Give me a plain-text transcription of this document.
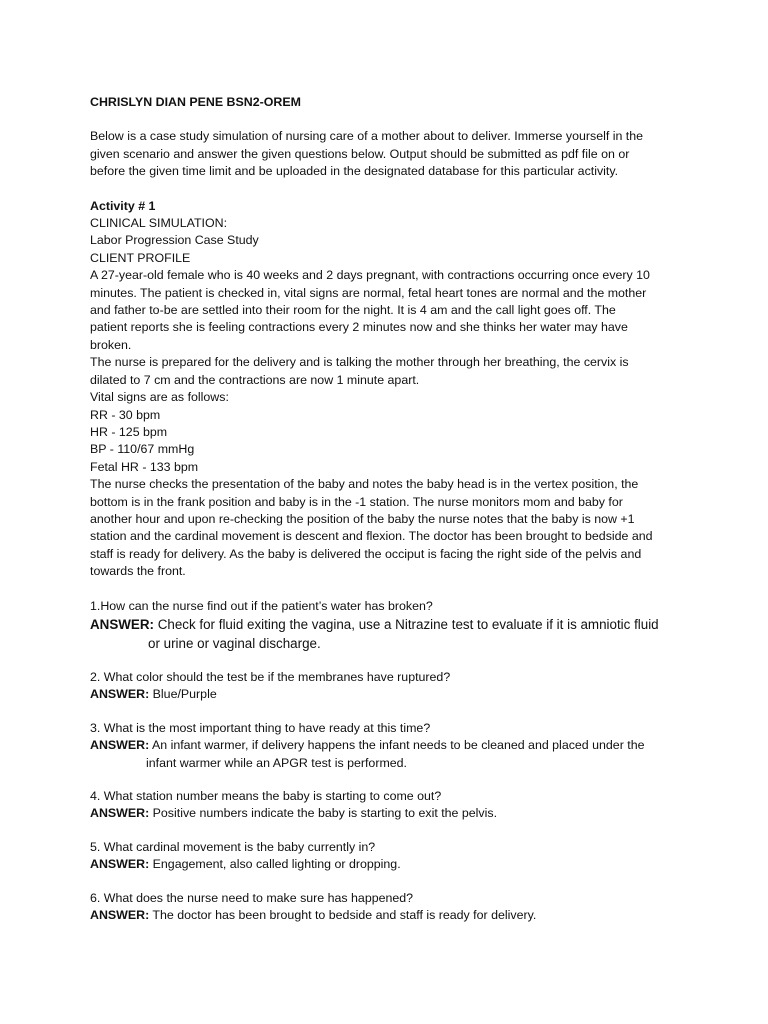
CHRISLYN DIAN PENE BSN2-OREM
Below is a case study simulation of nursing care of a mother about to deliver. Immerse yourself in the
given scenario and answer the given questions below. Output should be submitted as pdf file on or
before the given time limit and be uploaded in the designated database for this particular activity.
Activity # 1
CLINICAL SIMULATION:
Labor Progression Case Study
CLIENT PROFILE
A 27-year-old female who is 40 weeks and 2 days pregnant, with contractions occurring once every 10
minutes. The patient is checked in, vital signs are normal, fetal heart tones are normal and the mother
and father to-be are settled into their room for the night. It is 4 am and the call light goes off. The
patient reports she is feeling contractions every 2 minutes now and she thinks her water may have
broken.
The nurse is prepared for the delivery and is talking the mother through her breathing, the cervix is
dilated to 7 cm and the contractions are now 1 minute apart.
Vital signs are as follows:
RR - 30 bpm
HR - 125 bpm
BP - 110/67 mmHg
Fetal HR - 133 bpm
The nurse checks the presentation of the baby and notes the baby head is in the vertex position, the
bottom is in the frank position and baby is in the -1 station. The nurse monitors mom and baby for
another hour and upon re-checking the position of the baby the nurse notes that the baby is now +1
station and the cardinal movement is descent and flexion. The doctor has been brought to bedside and
staff is ready for delivery. As the baby is delivered the occiput is facing the right side of the pelvis and
towards the front.
1.How can the nurse find out if the patient’s water has broken?
ANSWER: Check for fluid exiting the vagina, use a Nitrazine test to evaluate if it is amniotic fluid
or urine or vaginal discharge.
2. What color should the test be if the membranes have ruptured?
ANSWER: Blue/Purple
3. What is the most important thing to have ready at this time?
ANSWER: An infant warmer, if delivery happens the infant needs to be cleaned and placed under the
infant warmer while an APGR test is performed.
4. What station number means the baby is starting to come out?
ANSWER: Positive numbers indicate the baby is starting to exit the pelvis.
5. What cardinal movement is the baby currently in?
ANSWER: Engagement, also called lighting or dropping.
6. What does the nurse need to make sure has happened?
ANSWER: The doctor has been brought to bedside and staff is ready for delivery.
